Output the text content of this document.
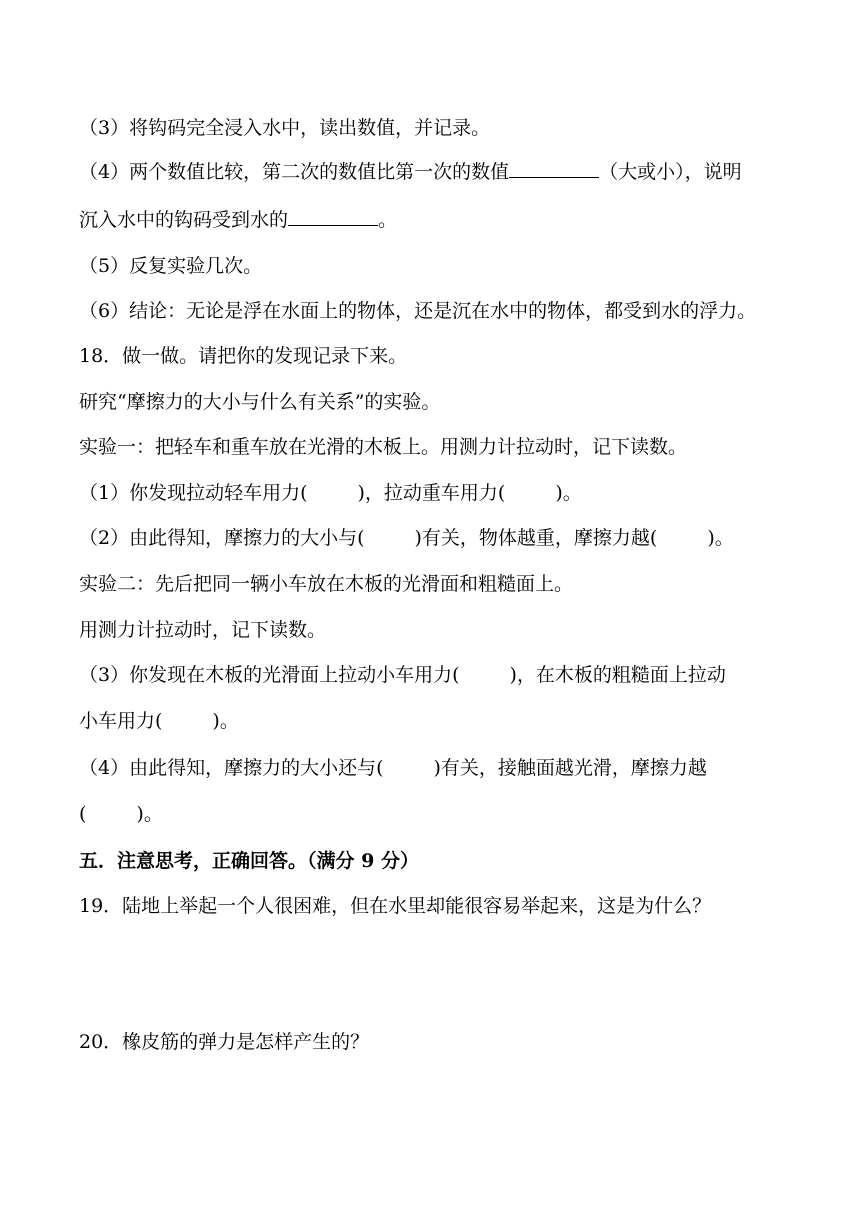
（3）将钩码完全浸入水中，读出数值，并记录。
（4）两个数值比较，第二次的数值比第一次的数值	（大或小），说明
沉入水中的钩码受到水的	。
（5）反复实验几次。
（6）结论：无论是浮在水面上的物体，还是沉在水中的物体，都受到水的浮力。
18．做一做。请把你的发现记录下来。
研究“摩擦力的大小与什么有关系”的实验。
实验一：把轻车和重车放在光滑的木板上。用测力计拉动时，记下读数。
（1）你发现拉动轻车用力(	)，拉动重车用力(	)。
（2）由此得知，摩擦力的大小与(	)有关，物体越重，摩擦力越(	)。
实验二：先后把同一辆小车放在木板的光滑面和粗糙面上。
用测力计拉动时，记下读数。
（3）你发现在木板的光滑面上拉动小车用力(	)，在木板的粗糙面上拉动
小车用力(	)。
（4）由此得知，摩擦力的大小还与(	)有关，接触面越光滑，摩擦力越
(	)。
五．注意思考，正确回答。（满分 9 分）
19．陆地上举起一个人很困难，但在水里却能很容易举起来，这是为什么？
20．橡皮筋的弹力是怎样产生的？
